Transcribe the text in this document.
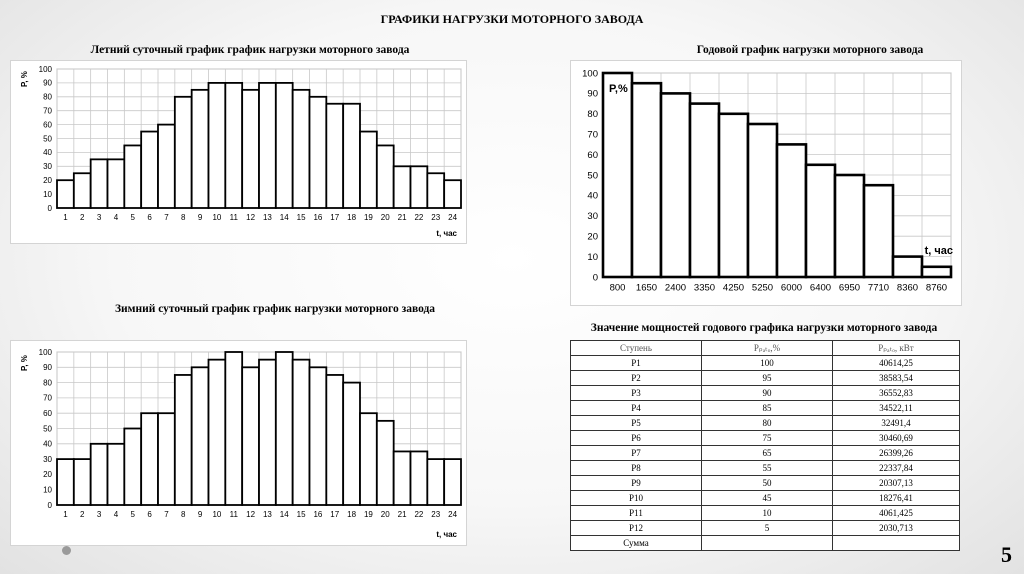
ГРАФИКИ НАГРУЗКИ МОТОРНОГО ЗАВОДА
Летний суточный график график нагрузки моторного завода
0
10
20
30
40
50
60
70
80
90
100
1 2 3 4 5 6 7 8 9 10 11 12 13 14 15 16 17 18 19 20 21 22 23 24
P, %
t, час
Зимний суточный график график нагрузки моторного завода
0
10
20
30
40
50
60
70
80
90
100
1 2 3 4 5 6 7 8 9 10 11 12 13 14 15 16 17 18 19 20 21 22 23 24
P, %
t, час
Годовой график нагрузки моторного завода
0
10
20
30
40
50
60
70
80
90
100
800 1650 2400 3350 4250 5250 6000 6400 6950 7710 8360 8760
P,%
t, час
Значение мощностей годового графика нагрузки моторного завода
Ступень	Pₚₐₜₒ,%	Pₚₐₜₒ, кВт
P1	100	40614,25
P2	95	38583,54
P3	90	36552,83
P4	85	34522,11
P5	80	32491,4
P6	75	30460,69
P7	65	26399,26
P8	55	22337,84
P9	50	20307,13
P10	45	18276,41
P11	10	4061,425
P12	5	2030,713
Сумма			5
